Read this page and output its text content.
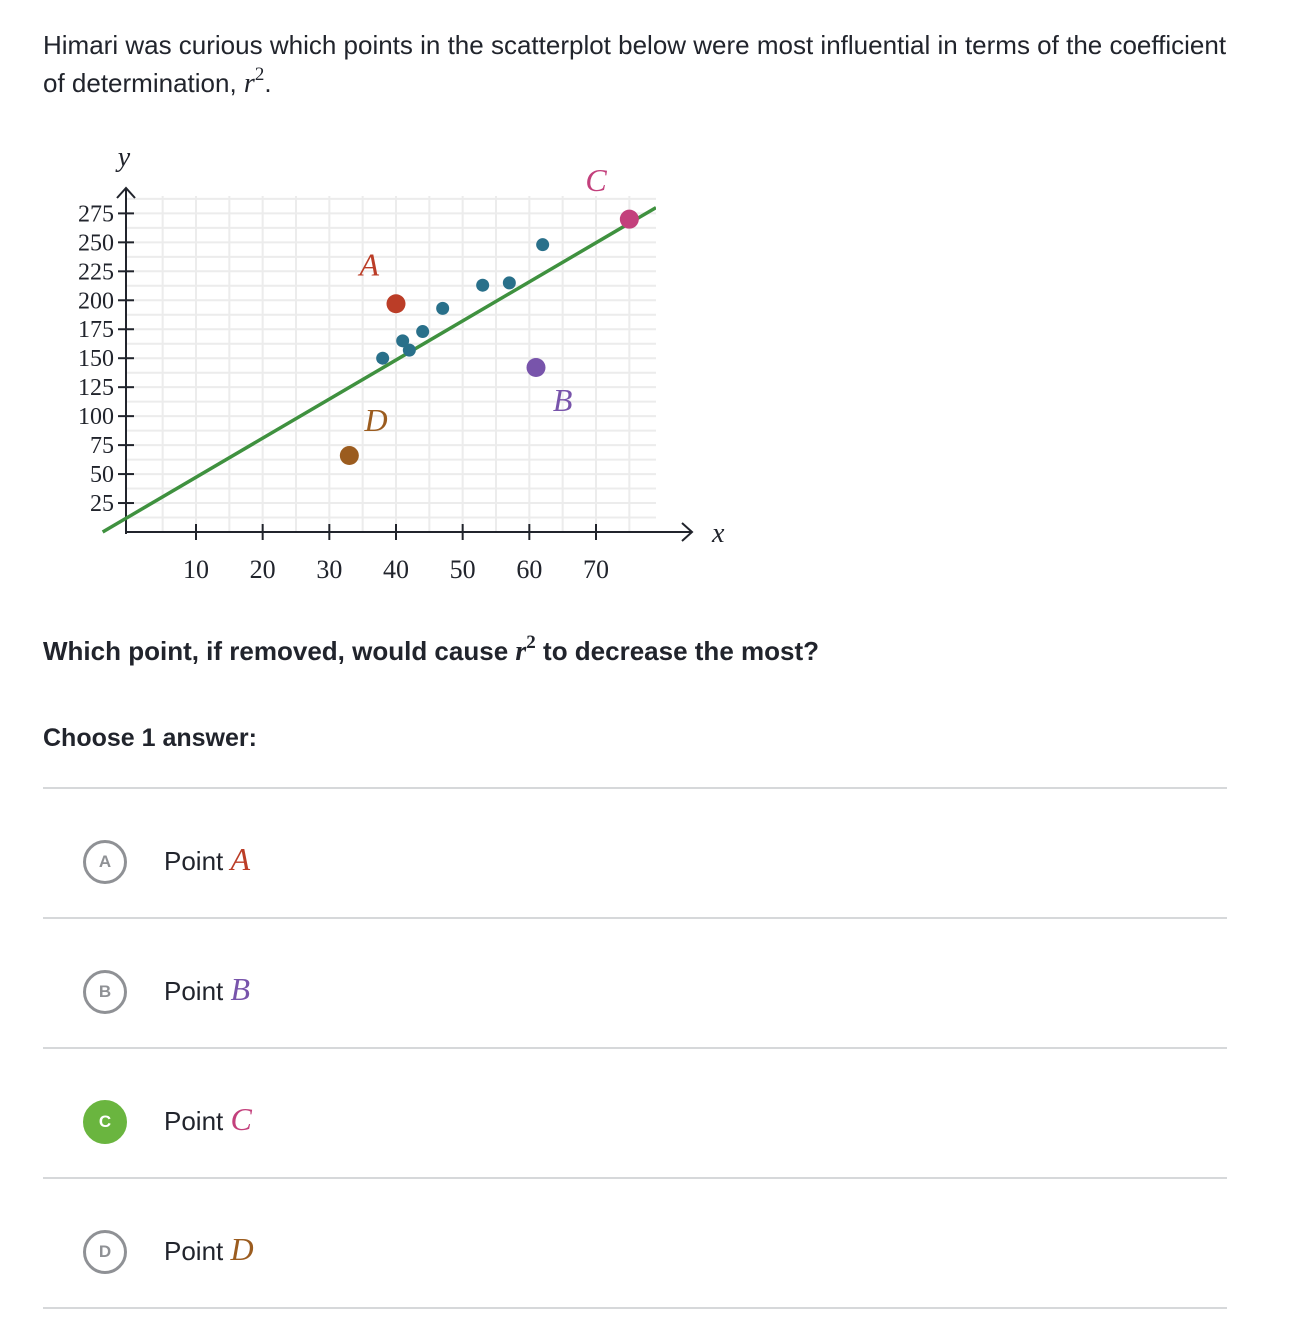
Himari was curious which points in the scatterplot below were most influential in terms of the coefficient of determination, $r^2$.
10 20 30 40 50 60 70
25
50
75
100
125
150
175
200
225
250
275
y
x
A
B
C
D
Which point, if removed, would cause $r^2$ to decrease the most?
Choose 1 answer:
A	Point A
B	Point B
C	Point C
D	Point D
